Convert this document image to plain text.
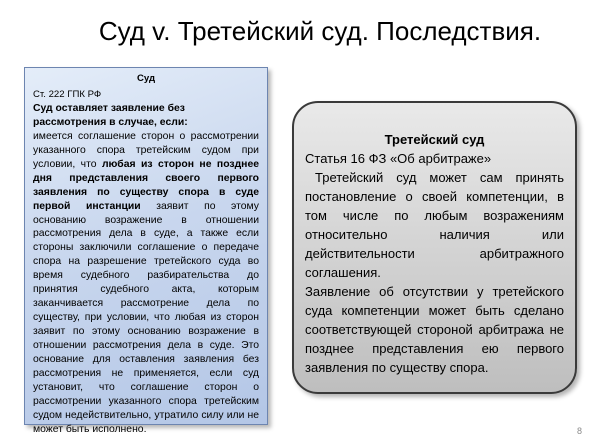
Суд v. Третейский суд. Последствия.
Суд
Ст. 222 ГПК РФ
Суд оставляет заявление без рассмотрения в случае, если:
имеется соглашение сторон о рассмотрении указанного спора третейским судом при условии, что любая из сторон не позднее дня представления своего первого заявления по существу спора в суде первой инстанции заявит по этому основанию возражение в отношении рассмотрения дела в суде, а также если стороны заключили соглашение о передаче спора на разрешение третейского суда во время судебного разбирательства до принятия судебного акта, которым заканчивается рассмотрение дела по существу, при условии, что любая из сторон заявит по этому основанию возражение в отношении рассмотрения дела в суде. Это основание для оставления заявления без рассмотрения не применяется, если суд установит, что соглашение сторон о рассмотрении указанного спора третейским судом недействительно, утратило силу или не может быть исполнено.
Третейский суд
Статья 16 ФЗ «Об арбитраже»
Третейский суд может сам принять постановление о своей компетенции, в том числе по любым возражениям относительно наличия или действительности арбитражного соглашения.
Заявление об отсутствии у третейского суда компетенции может быть сделано соответствующей стороной арбитража не позднее представления ею первого заявления по существу спора.
8
